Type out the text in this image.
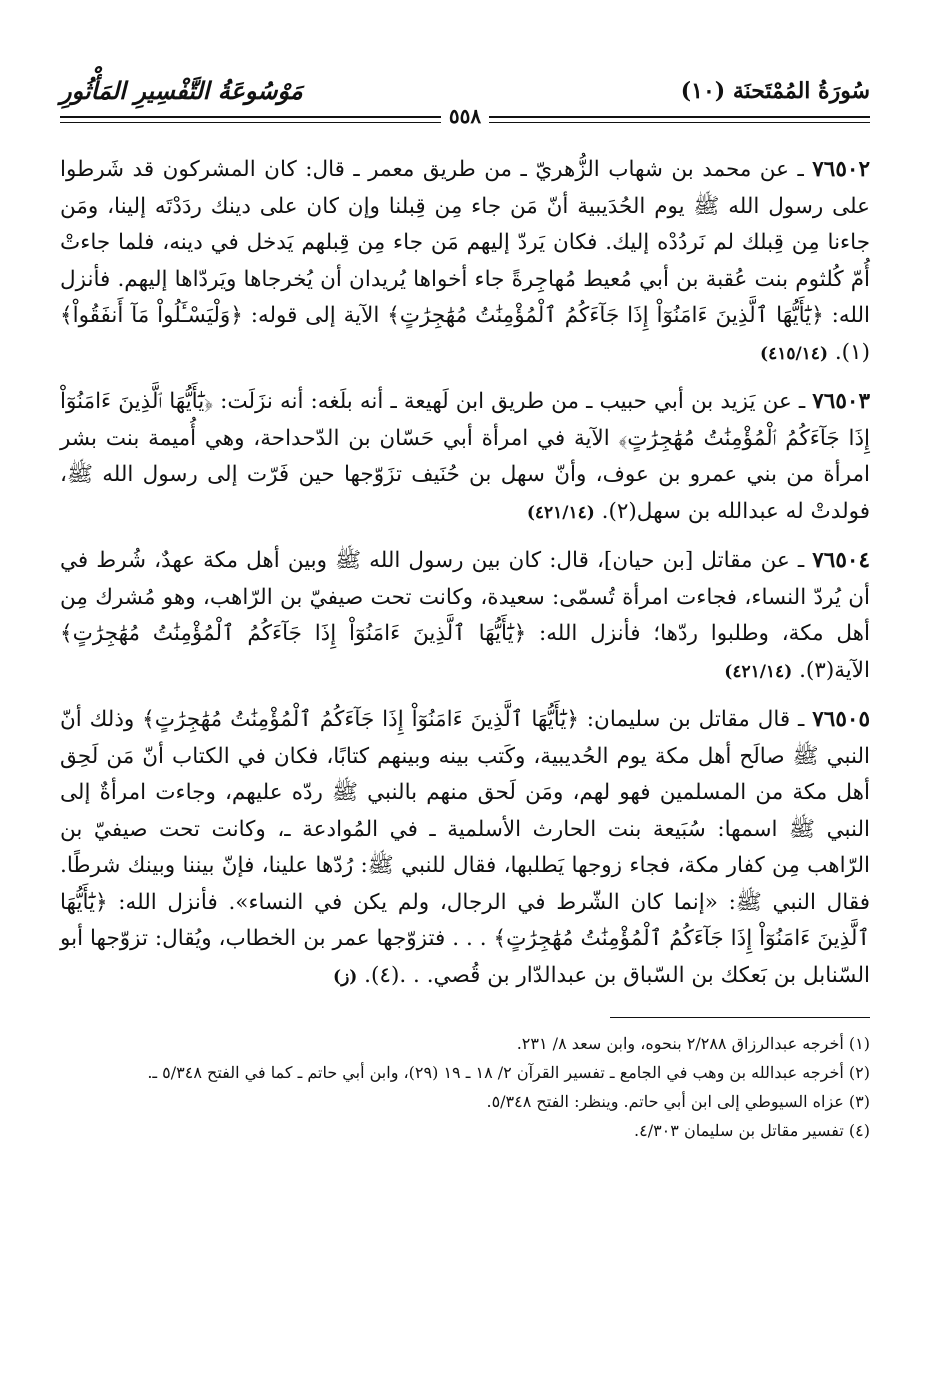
سُورَةُ المُمْتَحنَة (١٠)
مَوْسُوعَةُ التَّفْسِيرِ المَأْثُورِ
٥٥٨

٧٦٥٠٢ ـ عن محمد بن شهاب الزُّهريّ ـ من طريق معمر ـ قال: كان المشركون قد شَرطوا على رسول الله ﷺ يوم الحُدَيبية أنّ مَن جاء مِن قِبلنا وإن كان على دينك ردَدْتَه إلينا، ومَن جاءنا مِن قِبلك لم نَردُدْه إليك. فكان يَردّ إليهم مَن جاء مِن قِبلهم يَدخل في دينه، فلما جاءتْ أُمّ كُلثوم بنت عُقبة بن أبي مُعيط مُهاجِرةً جاء أخواها يُريدان أن يُخرجاها ويَردّاها إليهم. فأنزل الله: ﴿يَٰٓأَيُّهَا ٱلَّذِينَ ءَامَنُوٓاْ إِذَا جَآءَكُمُ ٱلْمُؤْمِنَٰتُ مُهَٰجِرَٰتٍ﴾ الآية إلى قوله: ﴿وَلْيَسْـَٔلُواْ مَآ أَنفَقُواْ﴾(١). (٤١٥/١٤)

٧٦٥٠٣ ـ عن يَزيد بن أبي حبيب ـ من طريق ابن لَهيعة ـ أنه بلَغه: أنه نزَلَت: ﴿يَٰٓأَيُّهَا ٱلَّذِينَ ءَامَنُوٓاْ إِذَا جَآءَكُمُ ٱلْمُؤْمِنَٰتُ مُهَٰجِرَٰتٍ﴾ الآية في امرأة أبي حَسّان بن الدّحداحة، وهي أُميمة بنت بشر امرأة من بني عمرو بن عوف، وأنّ سهل بن حُنَيف تزَوّجها حين فَرّت إلى رسول الله ﷺ، فولدتْ له عبدالله بن سهل(٢). (٤٢١/١٤)

٧٦٥٠٤ ـ عن مقاتل [بن حيان]، قال: كان بين رسول الله ﷺ وبين أهل مكة عهدٌ، شُرط في أن يُردّ النساء، فجاءت امرأة تُسمّى: سعيدة، وكانت تحت صيفيّ بن الرّاهب، وهو مُشرك مِن أهل مكة، وطلبوا ردّها؛ فأنزل الله: ﴿يَٰٓأَيُّهَا ٱلَّذِينَ ءَامَنُوٓاْ إِذَا جَآءَكُمُ ٱلْمُؤْمِنَٰتُ مُهَٰجِرَٰتٍ﴾ الآية(٣). (٤٢١/١٤)

٧٦٥٠٥ ـ قال مقاتل بن سليمان: ﴿يَٰٓأَيُّهَا ٱلَّذِينَ ءَامَنُوٓاْ إِذَا جَآءَكُمُ ٱلْمُؤْمِنَٰتُ مُهَٰجِرَٰتٍ﴾ وذلك أنّ النبي ﷺ صالَح أهل مكة يوم الحُديبية، وكَتب بينه وبينهم كتابًا، فكان في الكتاب أنّ مَن لَحِق أهل مكة من المسلمين فهو لهم، ومَن لَحق منهم بالنبي ﷺ ردّه عليهم، وجاءت امرأةٌ إلى النبي ﷺ اسمها: سُبَيعة بنت الحارث الأسلمية ـ في المُوادعة ـ، وكانت تحت صيفيّ بن الرّاهب مِن كفار مكة، فجاء زوجها يَطلبها، فقال للنبي ﷺ: رُدّها علينا، فإنّ بيننا وبينك شرطًا. فقال النبي ﷺ: «إنما كان الشّرط في الرجال، ولم يكن في النساء». فأنزل الله: ﴿يَٰٓأَيُّهَا ٱلَّذِينَ ءَامَنُوٓاْ إِذَا جَآءَكُمُ ٱلْمُؤْمِنَٰتُ مُهَٰجِرَٰتٍ﴾ . . . فتزوّجها عمر بن الخطاب، ويُقال: تزوّجها أبو السّنابل بن بَعكك بن السّباق بن عبدالدّار بن قُصي. . .(٤). (ز)

(١) أخرجه عبدالرزاق ٢/٢٨٨ بنحوه، وابن سعد ٨/ ٢٣١.

(٢) أخرجه عبدالله بن وهب في الجامع ـ تفسير القرآن ٢/ ١٨ ـ ١٩ (٢٩)، وابن أبي حاتم ـ كما في الفتح ٥/٣٤٨ ـ.

(٣) عزاه السيوطي إلى ابن أبي حاتم. وينظر: الفتح ٥/٣٤٨.

(٤) تفسير مقاتل بن سليمان ٤/٣٠٣.
